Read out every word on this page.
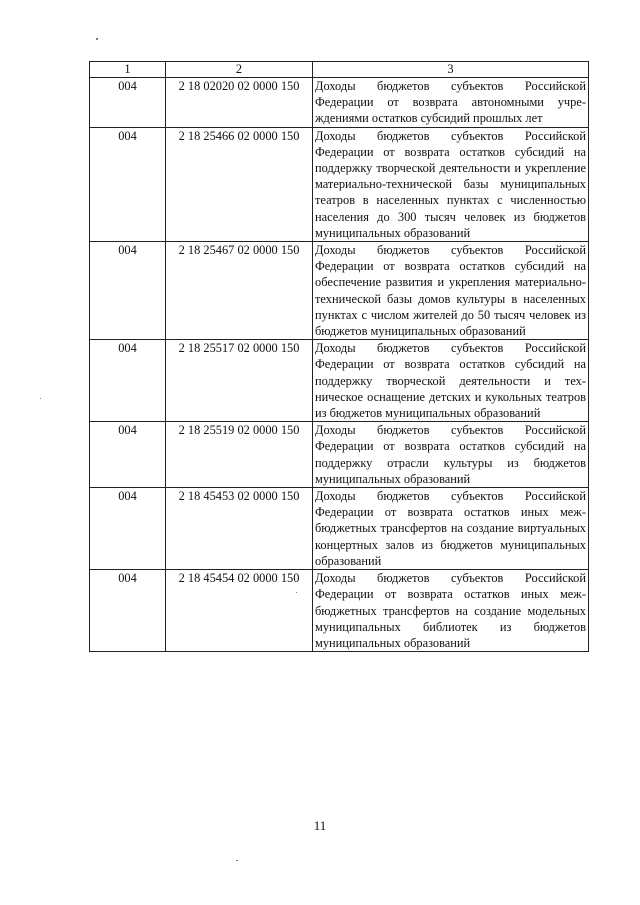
1	2	3
004	2 18 02020 02 0000 150	Доходы бюджетов субъектов Российской Федерации от возврата автономными учреждениями остатков субсидий прошлых лет
004	2 18 25466 02 0000 150	Доходы бюджетов субъектов Российской Федерации от возврата остатков субсидий на поддержку творческой деятельности и укрепление материально-технической базы муниципальных театров в населенных пунктах с численностью населения до 300 тысяч человек из бюджетов муниципальных образований
004	2 18 25467 02 0000 150	Доходы бюджетов субъектов Российской Федерации от возврата остатков субсидий на обеспечение развития и укрепления материально-технической базы домов культуры в населенных пунктах с числом жителей до 50 тысяч человек из бюджетов муниципальных образований
004	2 18 25517 02 0000 150	Доходы бюджетов субъектов Российской Федерации от возврата остатков субсидий на поддержку творческой деятельности и техническое оснащение детских и кукольных театров из бюджетов муниципальных образований
004	2 18 25519 02 0000 150	Доходы бюджетов субъектов Российской Федерации от возврата остатков субсидий на поддержку отрасли культуры из бюджетов муниципальных образований
004	2 18 45453 02 0000 150	Доходы бюджетов субъектов Российской Федерации от возврата остатков иных межбюджетных трансфертов на создание виртуальных концертных залов из бюджетов муниципальных образований
004	2 18 45454 02 0000 150	Доходы бюджетов субъектов Российской Федерации от возврата остатков иных межбюджетных трансфертов на создание модельных муниципальных библиотек из бюджетов муниципальных образований
11
